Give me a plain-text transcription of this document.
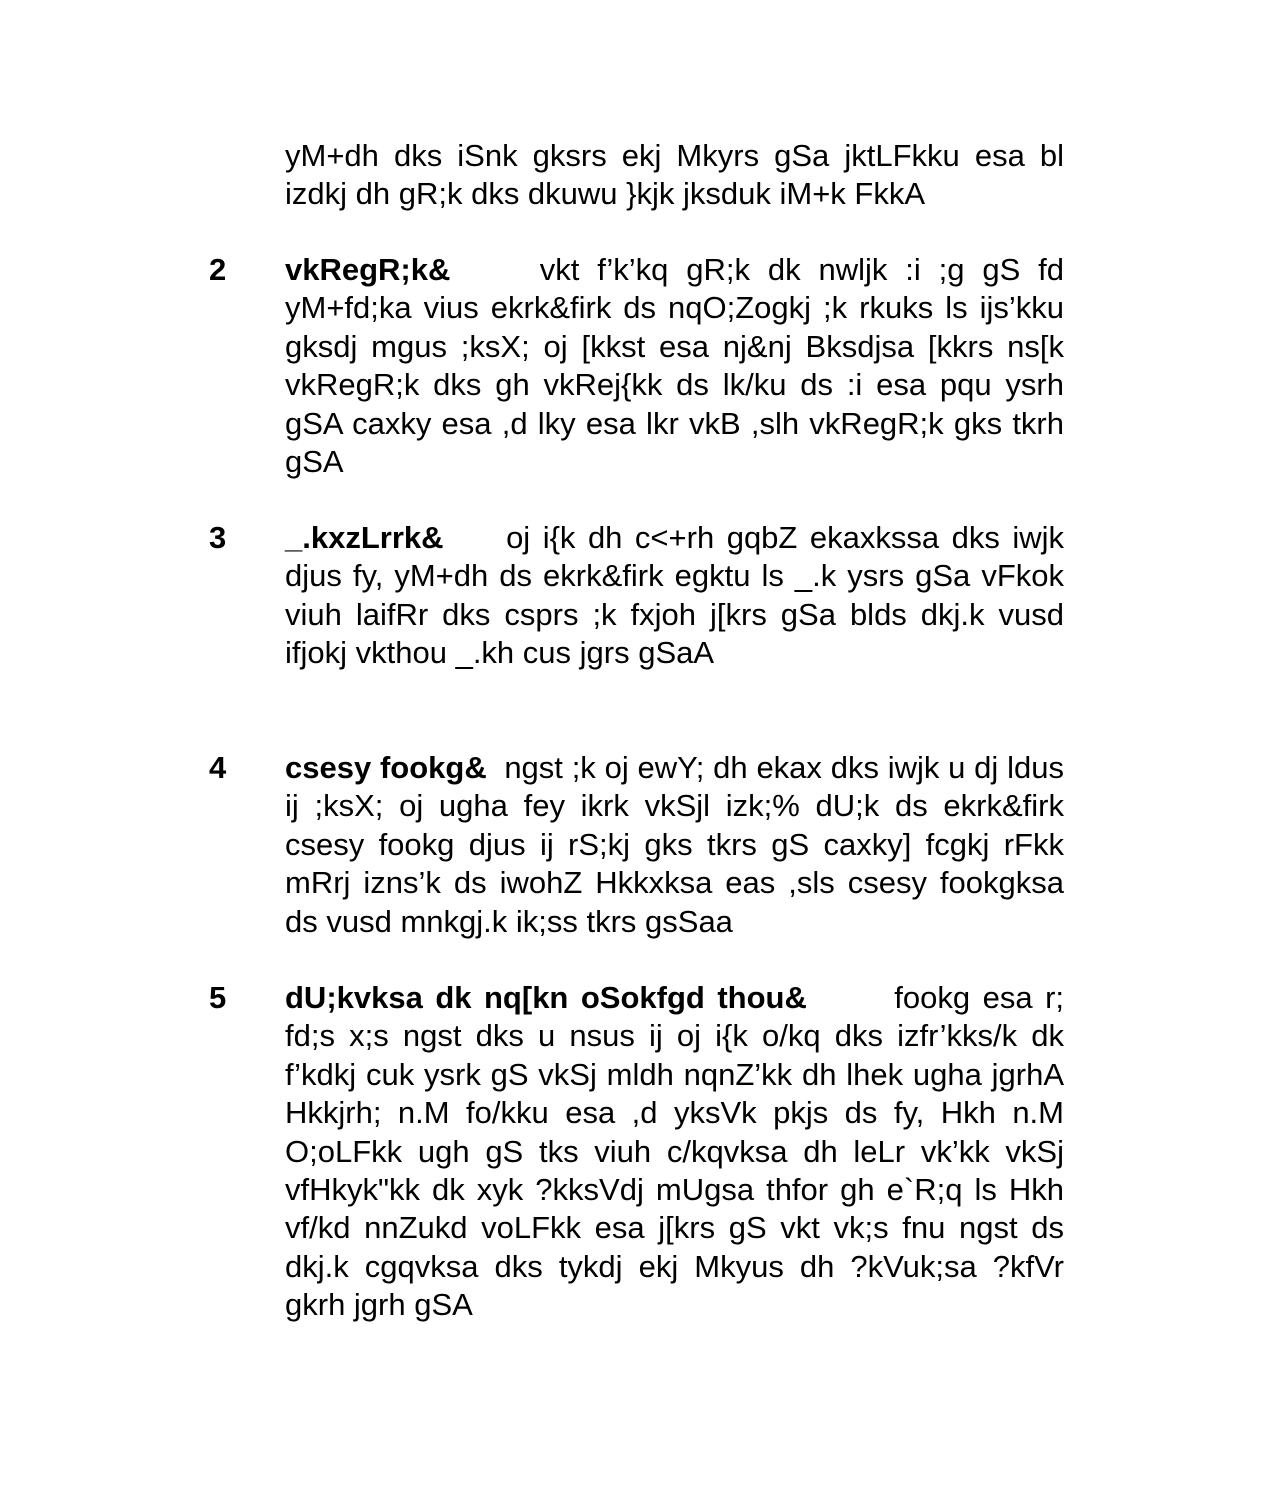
yM+dh dks iSnk gksrs ekj Mkyrs gSa jktLFkku esa bl izdkj dh gR;k dks dkuwu }kjk jksduk iM+k FkkA

2 vkRegR;k&	vkt f’k’kq gR;k dk nwljk :i ;g gS fd yM+fd;ka vius ekrk&firk ds nqO;Zogkj ;k rkuks ls ijs’kku gksdj mgus ;ksX; oj [kkst esa nj&nj Bksdjsa [kkrs ns[k vkRegR;k dks gh vkRej{kk ds lk/ku ds :i esa pqu ysrh gSA caxky esa ,d lky esa lkr vkB ,slh vkRegR;k gks tkrh gSA

3 _.kxzLrrk& oj i{k dh c<+rh gqbZ ekaxkssa dks iwjk djus fy, yM+dh ds ekrk&firk egktu ls _.k ysrs gSa vFkok viuh laifRr dks csprs ;k fxjoh j[krs gSa blds dkj.k vusd ifjokj vkthou _.kh cus jgrs gSaA

4 csesy fookg& ngst ;k oj ewY; dh ekax dks iwjk u dj ldus ij ;ksX; oj ugha fey ikrk vkSjl izk;% dU;k ds ekrk&firk csesy fookg djus ij rS;kj gks tkrs gS caxky] fcgkj rFkk mRrj izns’k ds iwohZ Hkkxksa eas ,sls csesy fookgksa ds vusd mnkgj.k ik;ss tkrs gsSaa

5 dU;kvksa dk nq[kn oSokfgd thou&	fookg esa r; fd;s x;s ngst dks u nsus ij oj i{k o/kq dks izfr’kks/k dk f’kdkj cuk ysrk gS vkSj mldh nqnZ’kk dh lhek ugha jgrhA Hkkjrh; n.M fo/kku esa ,d yksVk pkjs ds fy, Hkh n.M O;oLFkk ugh gS tks viuh c/kqvksa dh leLr vk’kk vkSj vfHkyk"kk dk xyk ?kksVdj mUgsa thfor gh e`R;q ls Hkh vf/kd nnZukd voLFkk esa j[krs gS vkt vk;s fnu ngst ds dkj.k cgqvksa dks tykdj ekj Mkyus dh ?kVuk;sa ?kfVr gkrh jgrh gSA
